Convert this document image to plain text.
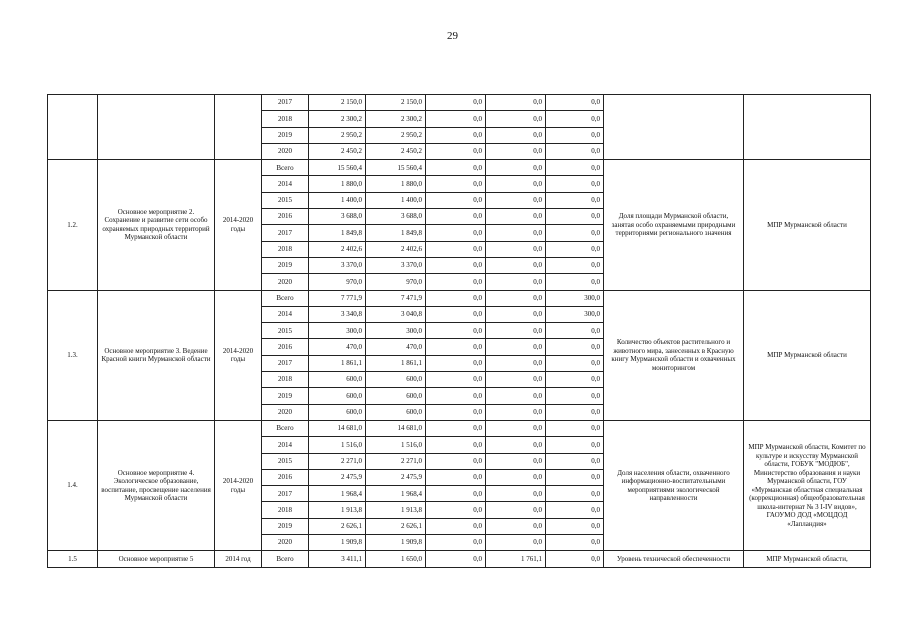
29
			2017	2 150,0	2 150,0	0,0	0,0	0,0		
			2018	2 300,2	2 300,2	0,0	0,0	0,0		
			2019	2 950,2	2 950,2	0,0	0,0	0,0		
			2020	2 450,2	2 450,2	0,0	0,0	0,0		
1.2.	Основное мероприятие 2. Сохранение и развитие сети особо охраняемых природных территорий Мурманской области	2014-2020 годы	Всего	15 560,4	15 560,4	0,0	0,0	0,0	Доля площади Мурманской области, занятая особо охраняемыми природными территориями регионального значения	МПР Мурманской области
			2014	1 880,0	1 880,0	0,0	0,0	0,0		
			2015	1 400,0	1 400,0	0,0	0,0	0,0		
			2016	3 688,0	3 688,0	0,0	0,0	0,0		
			2017	1 849,8	1 849,8	0,0	0,0	0,0		
			2018	2 402,6	2 402,6	0,0	0,0	0,0		
			2019	3 370,0	3 370,0	0,0	0,0	0,0		
			2020	970,0	970,0	0,0	0,0	0,0		
1.3.	Основное мероприятие 3. Ведение Красной книги Мурманской области	2014-2020 годы	Всего	7 771,9	7 471,9	0,0	0,0	300,0	Количество объектов растительного и животного мира, занесенных в Красную книгу Мурманской области и охваченных мониторингом	МПР Мурманской области
			2014	3 340,8	3 040,8	0,0	0,0	300,0		
			2015	300,0	300,0	0,0	0,0	0,0		
			2016	470,0	470,0	0,0	0,0	0,0		
			2017	1 861,1	1 861,1	0,0	0,0	0,0		
			2018	600,0	600,0	0,0	0,0	0,0		
			2019	600,0	600,0	0,0	0,0	0,0		
			2020	600,0	600,0	0,0	0,0	0,0		
1.4.	Основное мероприятие 4. Экологическое образование, воспитание, просвещение населения Мурманской области	2014-2020 годы	Всего	14 681,0	14 681,0	0,0	0,0	0,0	Доля населения области, охваченного информационно-воспитательными мероприятиями экологической направленности	МПР Мурманской области, Комитет по культуре и искусству Мурманской области, ГОБУК "МОДЮБ", Министерство образования и науки Мурманской области, ГОУ «Мурманская областная специальная (коррекционная) общеобразовательная школа-интернат № 3 I-IV видов», ГАОУМО ДОД «МОЦДОД «Лапландия»
			2014	1 516,0	1 516,0	0,0	0,0	0,0		
			2015	2 271,0	2 271,0	0,0	0,0	0,0		
			2016	2 475,9	2 475,9	0,0	0,0	0,0		
			2017	1 968,4	1 968,4	0,0	0,0	0,0		
			2018	1 913,8	1 913,8	0,0	0,0	0,0		
			2019	2 626,1	2 626,1	0,0	0,0	0,0		
			2020	1 909,8	1 909,8	0,0	0,0	0,0		
1.5	Основное мероприятие 5	2014 год	Всего	3 411,1	1 650,0	0,0	1 761,1	0,0	Уровень технической обеспеченности	МПР Мурманской области,
